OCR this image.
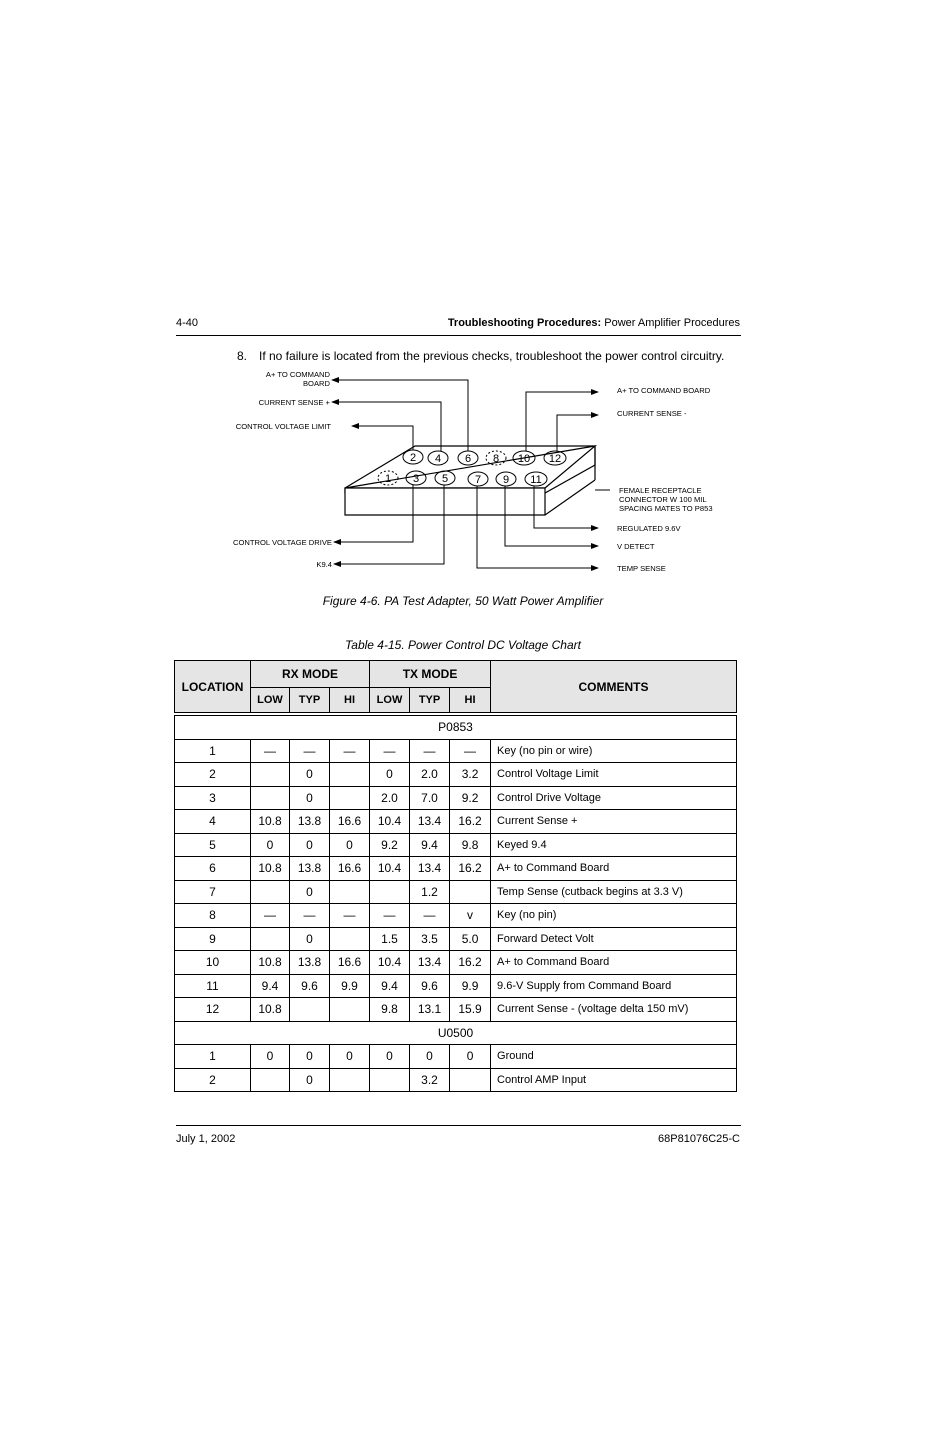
4-40	Troubleshooting Procedures: Power Amplifier Procedures
8. If no failure is located from the previous checks, troubleshoot the power control circuitry.
2 4 6 8 10 12
1 3 5 7 9 11
A+ TO COMMAND
BOARD
CURRENT SENSE +
CONTROL VOLTAGE LIMIT
A+ TO COMMAND BOARD
CURRENT SENSE -
FEMALE RECEPTACLE
CONNECTOR W 100 MIL
SPACING MATES TO P853
REGULATED 9.6V
V DETECT
TEMP SENSE
CONTROL VOLTAGE DRIVE
K9.4
Figure 4-6. PA Test Adapter, 50 Watt Power Amplifier
Table 4-15. Power Control DC Voltage Chart
LOCATION	RX MODE			TX MODE			COMMENTS
	LOW	TYP	HI	LOW	TYP	HI	

P0853							
1	—	—	—	—	—	—	Key (no pin or wire)
2		0		0	2.0	3.2	Control Voltage Limit
3		0		2.0	7.0	9.2	Control Drive Voltage
4	10.8	13.8	16.6	10.4	13.4	16.2	Current Sense +
5	0	0	0	9.2	9.4	9.8	Keyed 9.4
6	10.8	13.8	16.6	10.4	13.4	16.2	A+ to Command Board
7		0			1.2		Temp Sense (cutback begins at 3.3 V)
8	—	—	—	—	—	v	Key (no pin)
9		0		1.5	3.5	5.0	Forward Detect Volt
10	10.8	13.8	16.6	10.4	13.4	16.2	A+ to Command Board
11	9.4	9.6	9.9	9.4	9.6	9.9	9.6-V Supply from Command Board
12	10.8			9.8	13.1	15.9	Current Sense - (voltage delta 150 mV)
U0500							
1	0	0	0	0	0	0	Ground
2		0			3.2		Control AMP Input
July 1, 2002	68P81076C25-C
